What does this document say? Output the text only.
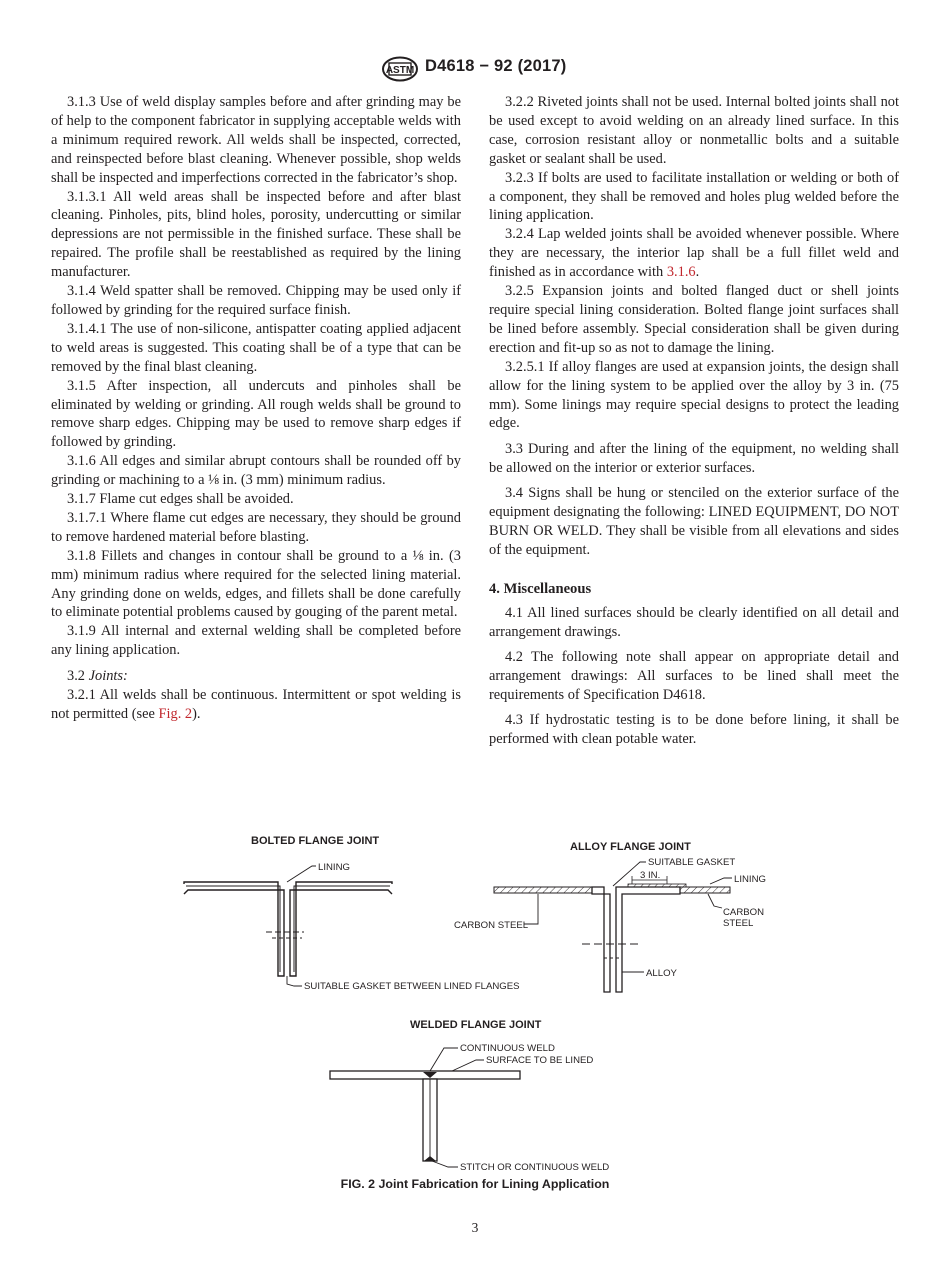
ASTM D4618 − 92 (2017)

3.1.3 Use of weld display samples before and after grinding may be of help to the component fabricator in supplying acceptable welds with a minimum required rework. All welds shall be inspected, corrected, and reinspected before blast cleaning. Whenever possible, shop welds shall be inspected and imperfections corrected in the fabricator’s shop.

3.1.3.1 All weld areas shall be inspected before and after blast cleaning. Pinholes, pits, blind holes, porosity, undercutting or similar depressions are not permissible in the finished surface. These shall be repaired. The profile shall be reestablished as required by the lining manufacturer.

3.1.4 Weld spatter shall be removed. Chipping may be used only if followed by grinding for the required surface finish.

3.1.4.1 The use of non-silicone, antispatter coating applied adjacent to weld areas is suggested. This coating shall be of a type that can be removed by the final blast cleaning.

3.1.5 After inspection, all undercuts and pinholes shall be eliminated by welding or grinding. All rough welds shall be ground to remove sharp edges. Chipping may be used to remove sharp edges if followed by grinding.

3.1.6 All edges and similar abrupt contours shall be rounded off by grinding or machining to a ⅛ in. (3 mm) minimum radius.

3.1.7 Flame cut edges shall be avoided.

3.1.7.1 Where flame cut edges are necessary, they should be ground to remove hardened material before blasting.

3.1.8 Fillets and changes in contour shall be ground to a ⅛ in. (3 mm) minimum radius where required for the selected lining material. Any grinding done on welds, edges, and fillets shall be done carefully to eliminate potential problems caused by gouging of the parent metal.

3.1.9 All internal and external welding shall be completed before any lining application.

3.2 Joints:

3.2.1 All welds shall be continuous. Intermittent or spot welding is not permitted (see Fig. 2).

3.2.2 Riveted joints shall not be used. Internal bolted joints shall not be used except to avoid welding on an already lined surface. In this case, corrosion resistant alloy or nonmetallic bolts and a suitable gasket or sealant shall be used.

3.2.3 If bolts are used to facilitate installation or welding or both of a component, they shall be removed and holes plug welded before the lining application.

3.2.4 Lap welded joints shall be avoided whenever possible. Where they are necessary, the interior lap shall be a full fillet weld and finished as in accordance with 3.1.6.

3.2.5 Expansion joints and bolted flanged duct or shell joints require special lining consideration. Bolted flange joint surfaces shall be lined before assembly. Special consideration shall be given during erection and fit-up so as not to damage the lining.

3.2.5.1 If alloy flanges are used at expansion joints, the design shall allow for the lining system to be applied over the alloy by 3 in. (75 mm). Some linings may require special designs to protect the leading edge.

3.3 During and after the lining of the equipment, no welding shall be allowed on the interior or exterior surfaces.

3.4 Signs shall be hung or stenciled on the exterior surface of the equipment designating the following: LINED EQUIPMENT, DO NOT BURN OR WELD. They shall be visible from all elevations and sides of the equipment.

4. Miscellaneous

4.1 All lined surfaces should be clearly identified on all detail and arrangement drawings.

4.2 The following note shall appear on appropriate detail and arrangement drawings: All surfaces to be lined shall meet the requirements of Specification D4618.

4.3 If hydrostatic testing is to be done before lining, it shall be performed with clean potable water.

BOLTED FLANGE JOINT
LINING
SUITABLE GASKET BETWEEN LINED FLANGES
ALLOY FLANGE JOINT
SUITABLE GASKET
3 IN.	LINING
CARBON
STEEL
CARBON STEEL
ALLOY
WELDED FLANGE JOINT
CONTINUOUS WELD
SURFACE TO BE LINED
STITCH OR CONTINUOUS WELD
FIG. 2 Joint Fabrication for Lining Application
3
